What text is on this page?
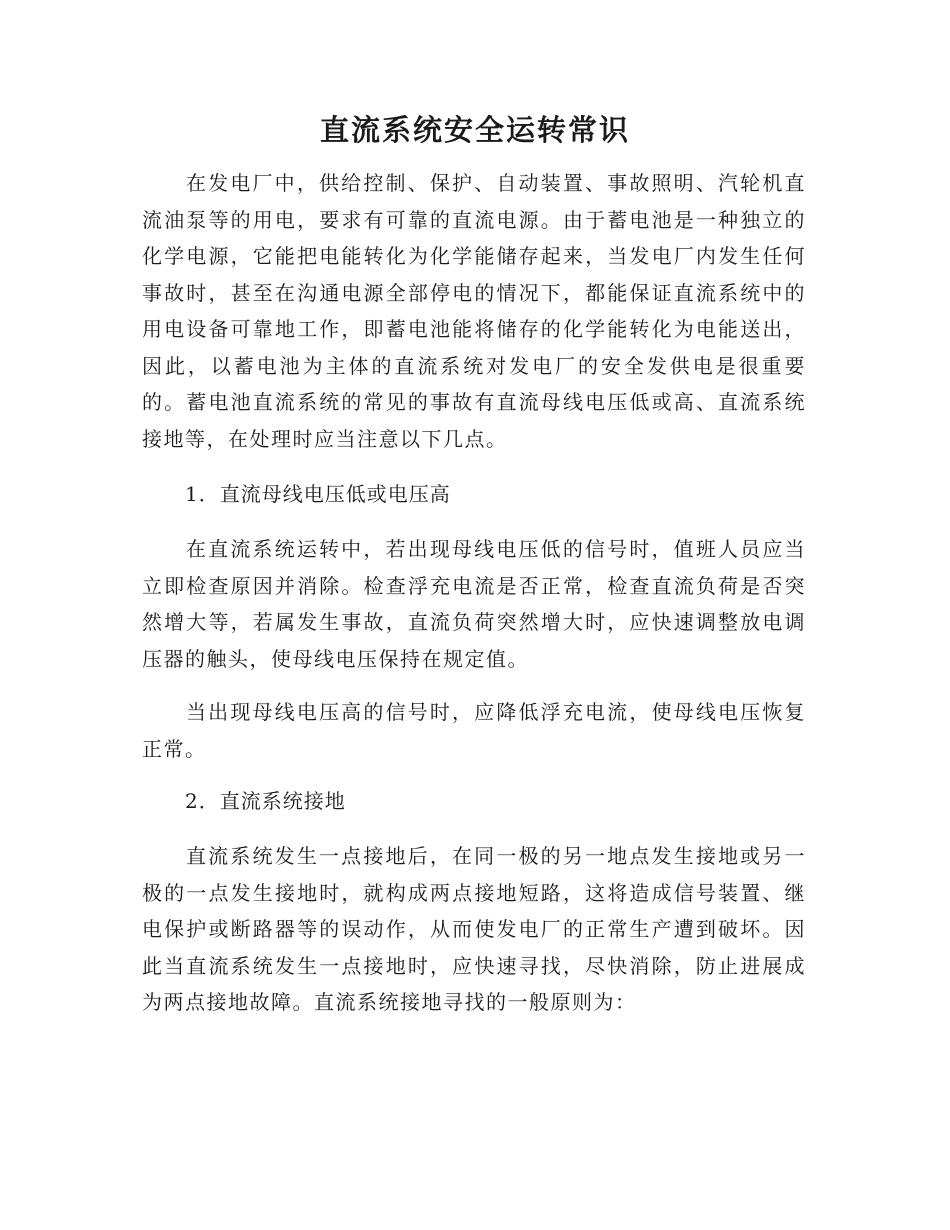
直流系统安全运转常识

在发电厂中，供给控制、保护、自动装置、事故照明、汽轮机直流油泵等的用电，要求有可靠的直流电源。由于蓄电池是一种独立的化学电源，它能把电能转化为化学能储存起来，当发电厂内发生任何事故时，甚至在沟通电源全部停电的情况下，都能保证直流系统中的用电设备可靠地工作，即蓄电池能将储存的化学能转化为电能送出，因此，以蓄电池为主体的直流系统对发电厂的安全发供电是很重要的。蓄电池直流系统的常见的事故有直流母线电压低或高、直流系统接地等，在处理时应当注意以下几点。

1．直流母线电压低或电压高

在直流系统运转中，若出现母线电压低的信号时，值班人员应当立即检查原因并消除。检查浮充电流是否正常，检查直流负荷是否突然增大等，若属发生事故，直流负荷突然增大时，应快速调整放电调压器的触头，使母线电压保持在规定值。

当出现母线电压高的信号时，应降低浮充电流，使母线电压恢复正常。

2．直流系统接地

直流系统发生一点接地后，在同一极的另一地点发生接地或另一极的一点发生接地时，就构成两点接地短路，这将造成信号装置、继电保护或断路器等的误动作，从而使发电厂的正常生产遭到破坏。因此当直流系统发生一点接地时，应快速寻找，尽快消除，防止进展成为两点接地故障。直流系统接地寻找的一般原则为：
